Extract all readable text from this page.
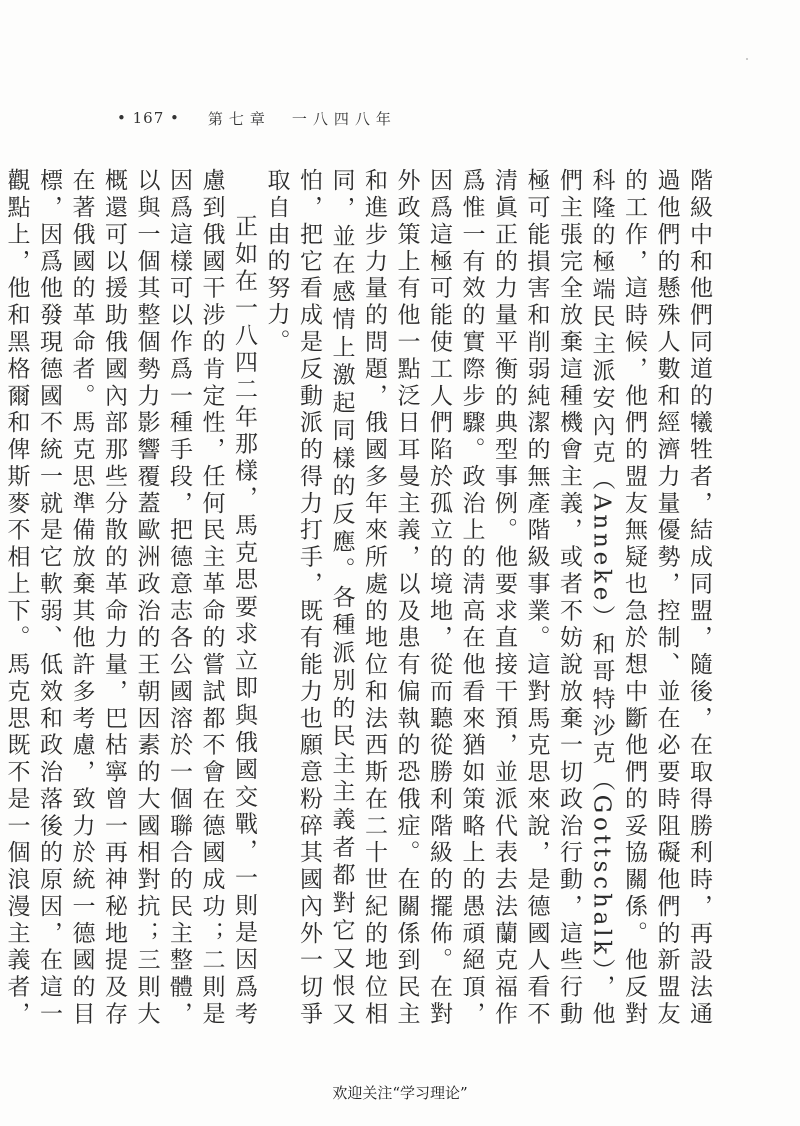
• 167 • 第七章　一八四八年

階級中和他們同道的犧牲者，結成同盟，隨後，在取得勝利時，再設法通過他們的懸殊人數和經濟力量優勢，控制、並在必要時阻礙他們的新盟友的工作，這時候，他們的盟友無疑也急於想中斷他們的妥協關係。他反對科隆的極端民主派安內克（Anneke）和哥特沙克（Gottschalk），他們主張完全放棄這種機會主義，或者不妨說放棄一切政治行動，這些行動極可能損害和削弱純潔的無產階級事業。這對馬克思來說，是德國人看不清眞正的力量平衡的典型事例。他要求直接干預，並派代表去法蘭克福作爲惟一有效的實際步驟。政治上的淸高在他看來猶如策略上的愚頑絕頂，因爲這極可能使工人們陷於孤立的境地，從而聽從勝利階級的擺佈。在對外政策上有他一點泛日耳曼主義，以及患有偏執的恐俄症。在關係到民主和進步力量的問題，俄國多年來所處的地位和法西斯在二十世紀的地位相同，並在感情上激起同樣的反應。各種派別的民主主義者都對它又恨又怕，把它看成是反動派的得力打手，既有能力也願意粉碎其國內外一切爭取自由的努力。

正如在一八四二年那樣，馬克思要求立即與俄國交戰，一則是因爲考慮到俄國干涉的肯定性，任何民主革命的嘗試都不會在德國成功；二則是因爲這樣可以作爲一種手段，把德意志各公國溶於一個聯合的民主整體，以與一個其整個勢力影響覆蓋歐洲政治的王朝因素的大國相對抗；三則大概還可以援助俄國內部那些分散的革命力量，巴枯寧曾一再神秘地提及存在著俄國的革命者。馬克思準備放棄其他許多考慮，致力於統一德國的目標，因爲他發現德國不統一就是它軟弱、低效和政治落後的原因，在這一觀點上，他和黑格爾和俾斯麥不相上下。馬克思既不是一個浪漫主義者，

欢迎关注“学习理论”
